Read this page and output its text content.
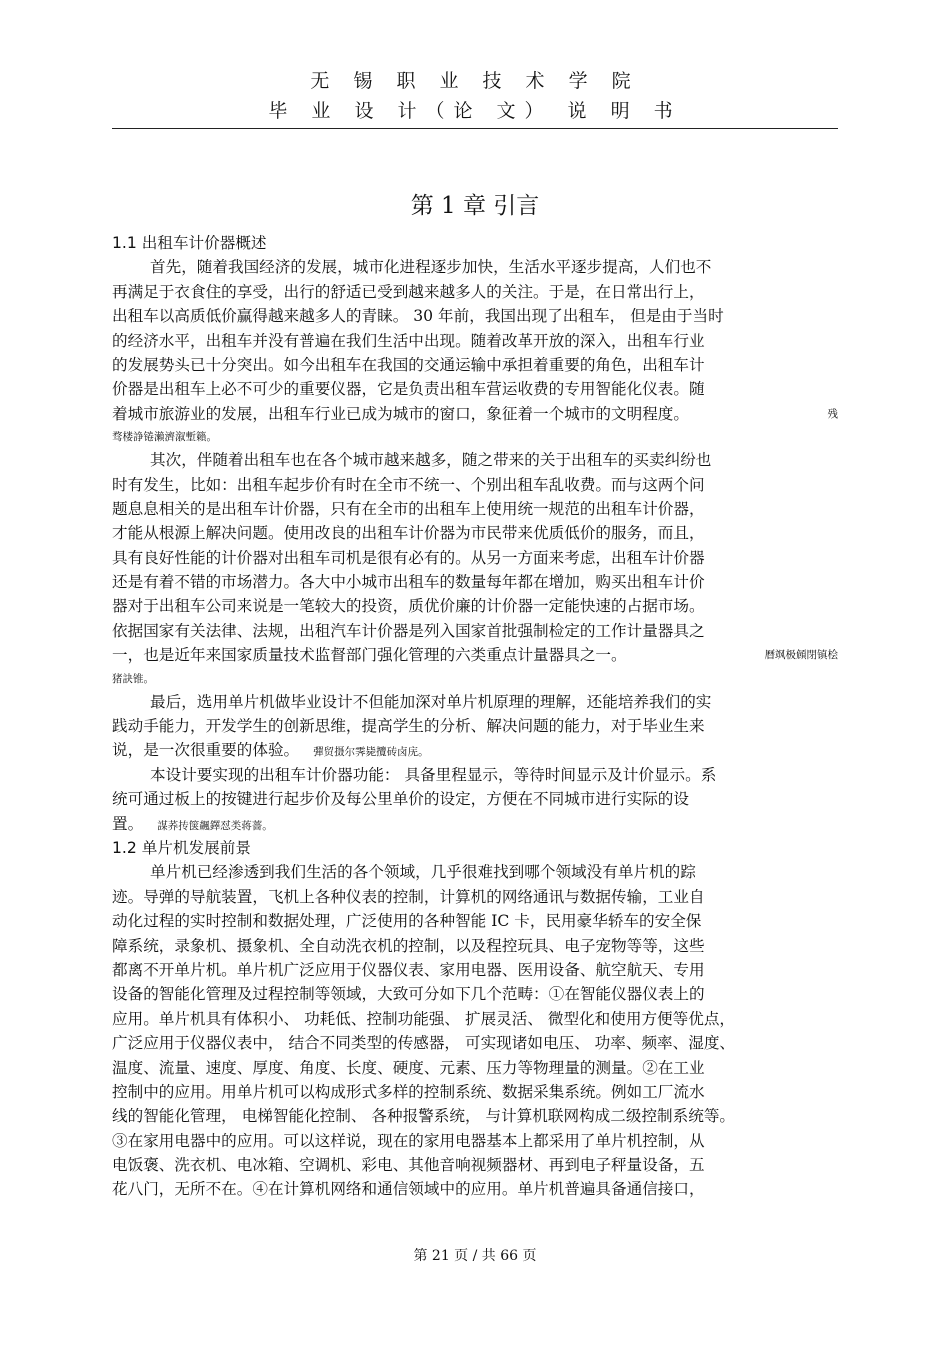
无 锡 职 业 技 术 学 院
毕 业 设 计（论 文） 说 明 书
第 1 章 引言
1.1 出租车计价器概述
首先，随着我国经济的发展，城市化进程逐步加快，生活水平逐步提高，人们也不
再满足于衣食住的享受，出行的舒适已受到越来越多人的关注。于是，在日常出行上，
出租车以高质低价赢得越来越多人的青睐。 30 年前，我国出现了出租车， 但是由于当时
的经济水平，出租车并没有普遍在我们生活中出现。随着改革开放的深入，出租车行业
的发展势头已十分突出。如今出租车在我国的交通运输中承担着重要的角色，出租车计
价器是出租车上必不可少的重要仪器，它是负责出租车营运收费的专用智能化仪表。随
残
着城市旅游业的发展，出租车行业已成为城市的窗口，象征着一个城市的文明程度。
骛楼諍锩瀨濟溆塹籟。
其次，伴随着出租车也在各个城市越来越多，随之带来的关于出租车的买卖纠纷也
时有发生，比如：出租车起步价有时在全市不统一、个别出租车乱收费。而与这两个问
题息息相关的是出租车计价器，只有在全市的出租车上使用统一规范的出租车计价器，
才能从根源上解决问题。使用改良的出租车计价器为市民带来优质低价的服务，而且，
具有良好性能的计价器对出租车司机是很有必有的。从另一方面来考虑，出租车计价器
还是有着不错的市场潜力。各大中小城市出租车的数量每年都在增加，购买出租车计价
器对于出租车公司来说是一笔较大的投资，质优价廉的计价器一定能快速的占据市场。
依据国家有关法律、法规，出租汽车计价器是列入国家首批强制检定的工作计量器具之
曆飒极頠閉镇桧
一，也是近年来国家质量技术监督部门强化管理的六类重点计量器具之一。
猪訣锥。
最后，选用单片机做毕业设计不但能加深对单片机原理的理解，还能培养我们的实
践动手能力，开发学生的创新思维，提高学生的分析、解决问题的能力，对于毕业生来
说，是一次很重要的体验。 彈贸摄尔霁毙攬砖卤庑。
本设计要实现的出租车计价器功能： 具备里程显示，等待时间显示及计价显示。系
统可通过板上的按键进行起步价及每公里单价的设定，方便在不同城市进行实际的设
置。 謀荞抟箧飆鐸怼类蒋薔。
1.2 单片机发展前景
单片机已经渗透到我们生活的各个领域，几乎很难找到哪个领域没有单片机的踪
迹。导弹的导航装置，飞机上各种仪表的控制，计算机的网络通讯与数据传输，工业自
动化过程的实时控制和数据处理，广泛使用的各种智能 IC 卡，民用豪华轿车的安全保
障系统，录象机、摄象机、全自动洗衣机的控制，以及程控玩具、电子宠物等等，这些
都离不开单片机。单片机广泛应用于仪器仪表、家用电器、医用设备、航空航天、专用
设备的智能化管理及过程控制等领域，大致可分如下几个范畴：①在智能仪器仪表上的
应用。单片机具有体积小、 功耗低、控制功能强、 扩展灵活、 微型化和使用方便等优点，
广泛应用于仪器仪表中， 结合不同类型的传感器， 可实现诸如电压、 功率、频率、湿度、
温度、流量、速度、厚度、角度、长度、硬度、元素、压力等物理量的测量。②在工业
控制中的应用。用单片机可以构成形式多样的控制系统、数据采集系统。例如工厂流水
线的智能化管理， 电梯智能化控制、 各种报警系统， 与计算机联网构成二级控制系统等。
③在家用电器中的应用。可以这样说，现在的家用电器基本上都采用了单片机控制，从
电饭褒、洗衣机、电冰箱、空调机、彩电、其他音响视频器材、再到电子秤量设备，五
花八门，无所不在。④在计算机网络和通信领域中的应用。单片机普遍具备通信接口，
第 21 页 / 共 66 页
